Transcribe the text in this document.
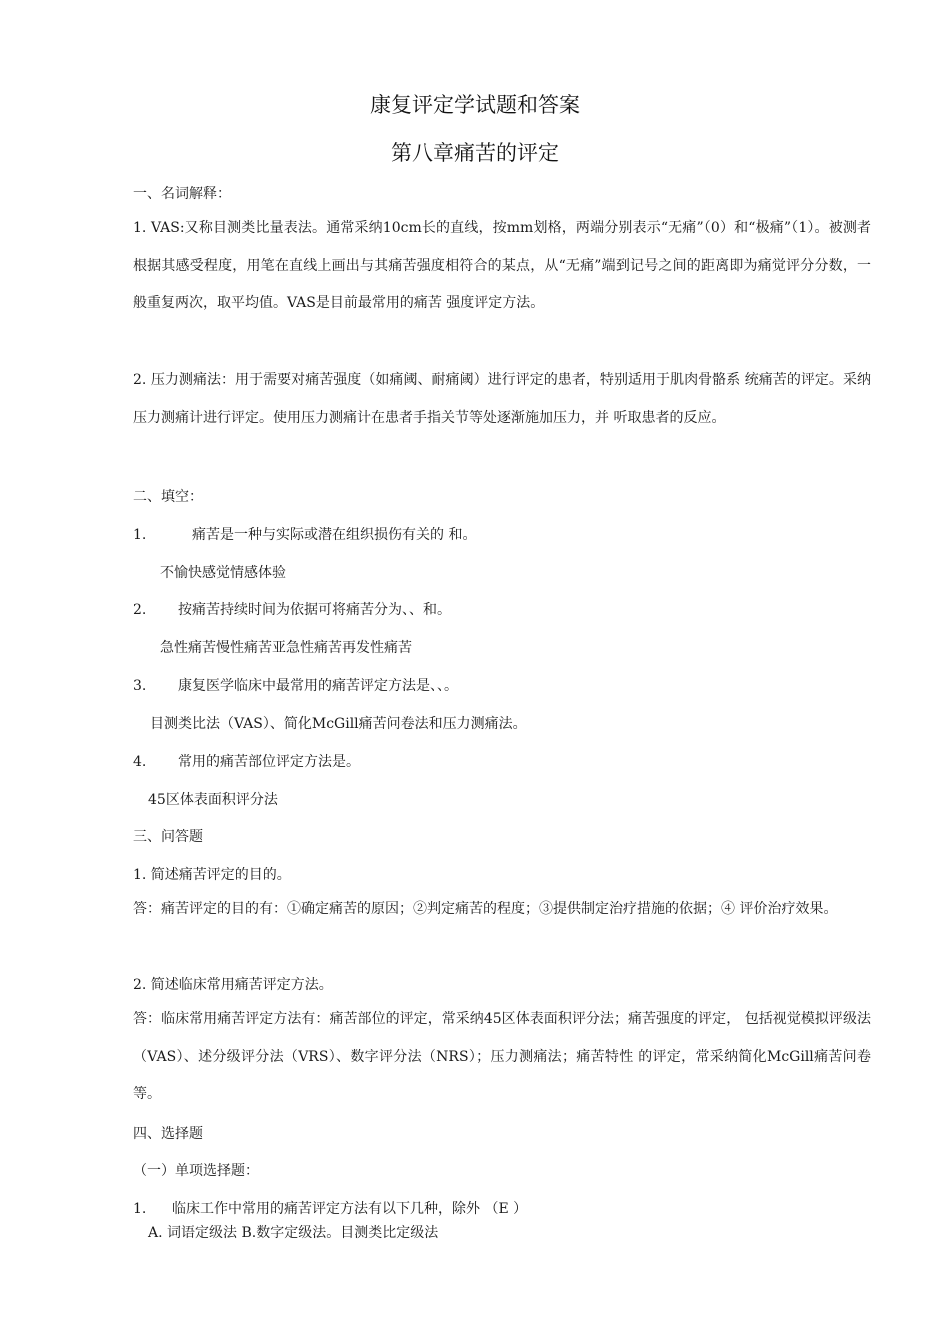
康复评定学试题和答案
第八章痛苦的评定
一、名词解释：
1. VAS:又称目测类比量表法。通常采纳10cm长的直线，按mm划格，两端分别表示“无痛”（0）和“极痛”（1）。被测者根据其感受程度，用笔在直线上画出与其痛苦强度相符合的某点，从“无痛”端到记号之间的距离即为痛觉评分分数，一般重复两次，取平均值。VAS是目前最常用的痛苦 强度评定方法。
2. 压力测痛法：用于需要对痛苦强度（如痛阈、耐痛阈）进行评定的患者，特别适用于肌肉骨骼系 统痛苦的评定。采纳压力测痛计进行评定。使用压力测痛计在患者手指关节等处逐渐施加压力，并 听取患者的反应。
二、填空：
1.	痛苦是一种与实际或潜在组织损伤有关的 和。
不愉快感觉情感体验
2. 按痛苦持续时间为依据可将痛苦分为、、和。
急性痛苦慢性痛苦亚急性痛苦再发性痛苦
3. 康复医学临床中最常用的痛苦评定方法是、、。
目测类比法（VAS）、简化McGill痛苦问卷法和压力测痛法。
4. 常用的痛苦部位评定方法是。
45区体表面积评分法
三、问答题
1. 简述痛苦评定的目的。
答：痛苦评定的目的有：①确定痛苦的原因；②判定痛苦的程度；③提供制定治疗措施的依据；④ 评价治疗效果。
2. 简述临床常用痛苦评定方法。
答：临床常用痛苦评定方法有：痛苦部位的评定，常采纳45区体表面积评分法；痛苦强度的评定， 包括视觉模拟评级法（VAS）、述分级评分法（VRS）、数字评分法（NRS）；压力测痛法；痛苦特性 的评定，常采纳简化McGill痛苦问卷等。
四、选择题
（一）单项选择题：
1. 临床工作中常用的痛苦评定方法有以下几种，除外 （E ）
A. 词语定级法 B.数字定级法。目测类比定级法
